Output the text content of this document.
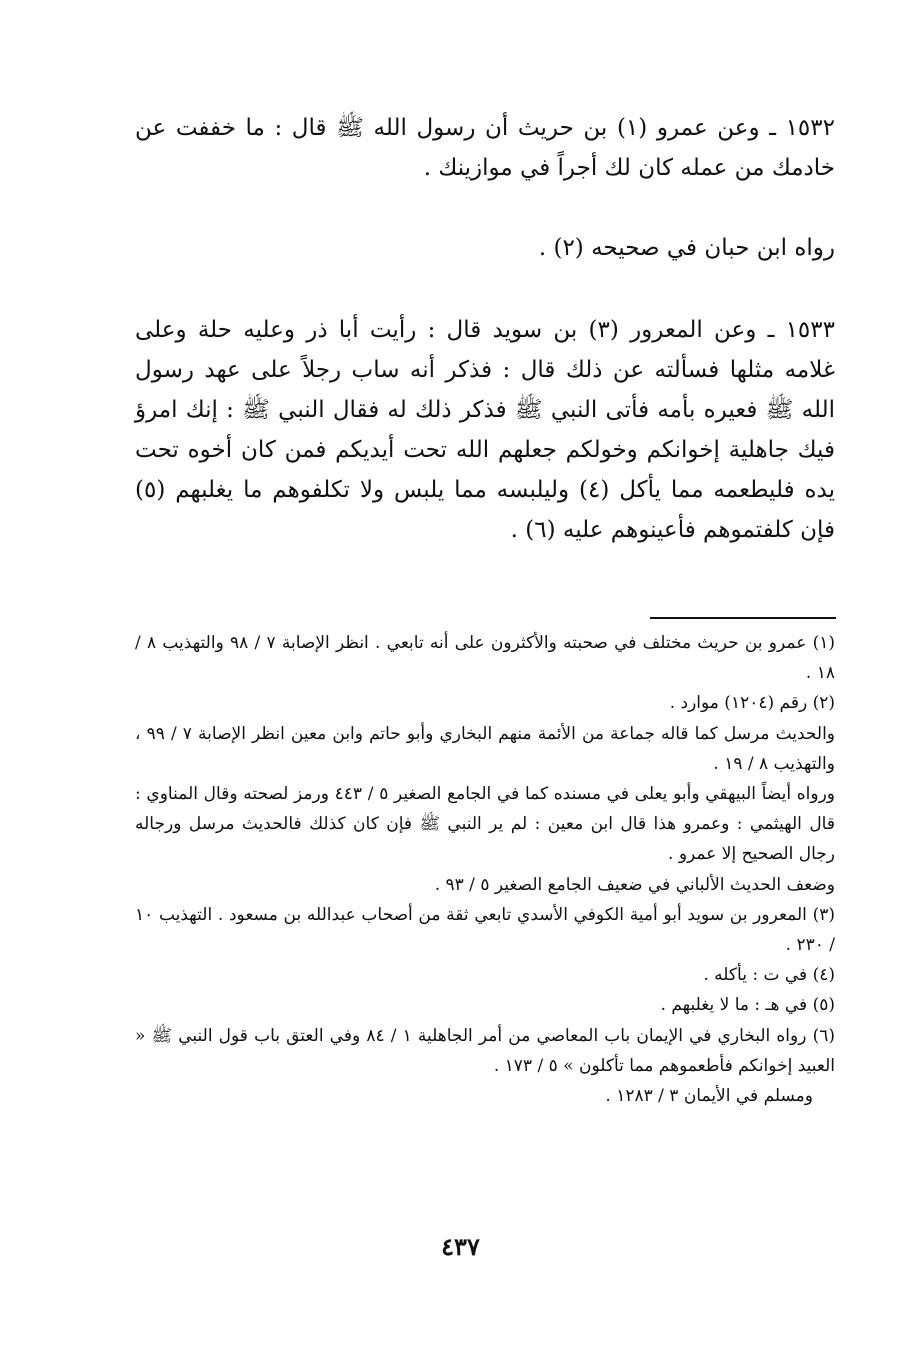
١٥٣٢ ـ وعن عمرو (١) بن حريث أن رسول الله ﷺ قال : ما خففت عن خادمك من عمله كان لك أجراً في موازينك .

رواه ابن حبان في صحيحه (٢) .

١٥٣٣ ـ وعن المعرور (٣) بن سويد قال : رأيت أبا ذر وعليه حلة وعلى غلامه مثلها فسألته عن ذلك قال : فذكر أنه ساب رجلاً على عهد رسول الله ﷺ فعيره بأمه فأتى النبي ﷺ فذكر ذلك له فقال النبي ﷺ : إنك امرؤ فيك جاهلية إخوانكم وخولكم جعلهم الله تحت أيديكم فمن كان أخوه تحت يده فليطعمه مما يأكل (٤) وليلبسه مما يلبس ولا تكلفوهم ما يغلبهم (٥) فإن كلفتموهم فأعينوهم عليه (٦) .

(١) عمرو بن حريث مختلف في صحبته والأكثرون على أنه تابعي . انظر الإصابة ٧ / ٩٨ والتهذيب ٨ / ١٨ .

(٢) رقم (١٢٠٤) موارد .

والحديث مرسل كما قاله جماعة من الأئمة منهم البخاري وأبو حاتم وابن معين انظر الإصابة ٧ / ٩٩ ، والتهذيب ٨ / ١٩ .

ورواه أيضاً البيهقي وأبو يعلى في مسنده كما في الجامع الصغير ٥ / ٤٤٣ ورمز لصحته وقال المناوي : قال الهيثمي : وعمرو هذا قال ابن معين : لم ير النبي ﷺ فإن كان كذلك فالحديث مرسل ورجاله رجال الصحيح إلا عمرو .

وضعف الحديث الألباني في ضعيف الجامع الصغير ٥ / ٩٣ .

(٣) المعرور بن سويد أبو أمية الكوفي الأسدي تابعي ثقة من أصحاب عبدالله بن مسعود . التهذيب ١٠ / ٢٣٠ .

(٤) في ت : يأكله .

(٥) في هـ : ما لا يغلبهم .

(٦) رواه البخاري في الإيمان باب المعاصي من أمر الجاهلية ١ / ٨٤ وفي العتق باب قول النبي ﷺ « العبيد إخوانكم فأطعموهم مما تأكلون » ٥ / ١٧٣ .

ومسلم في الأيمان ٣ / ١٢٨٣ .

٤٣٧
